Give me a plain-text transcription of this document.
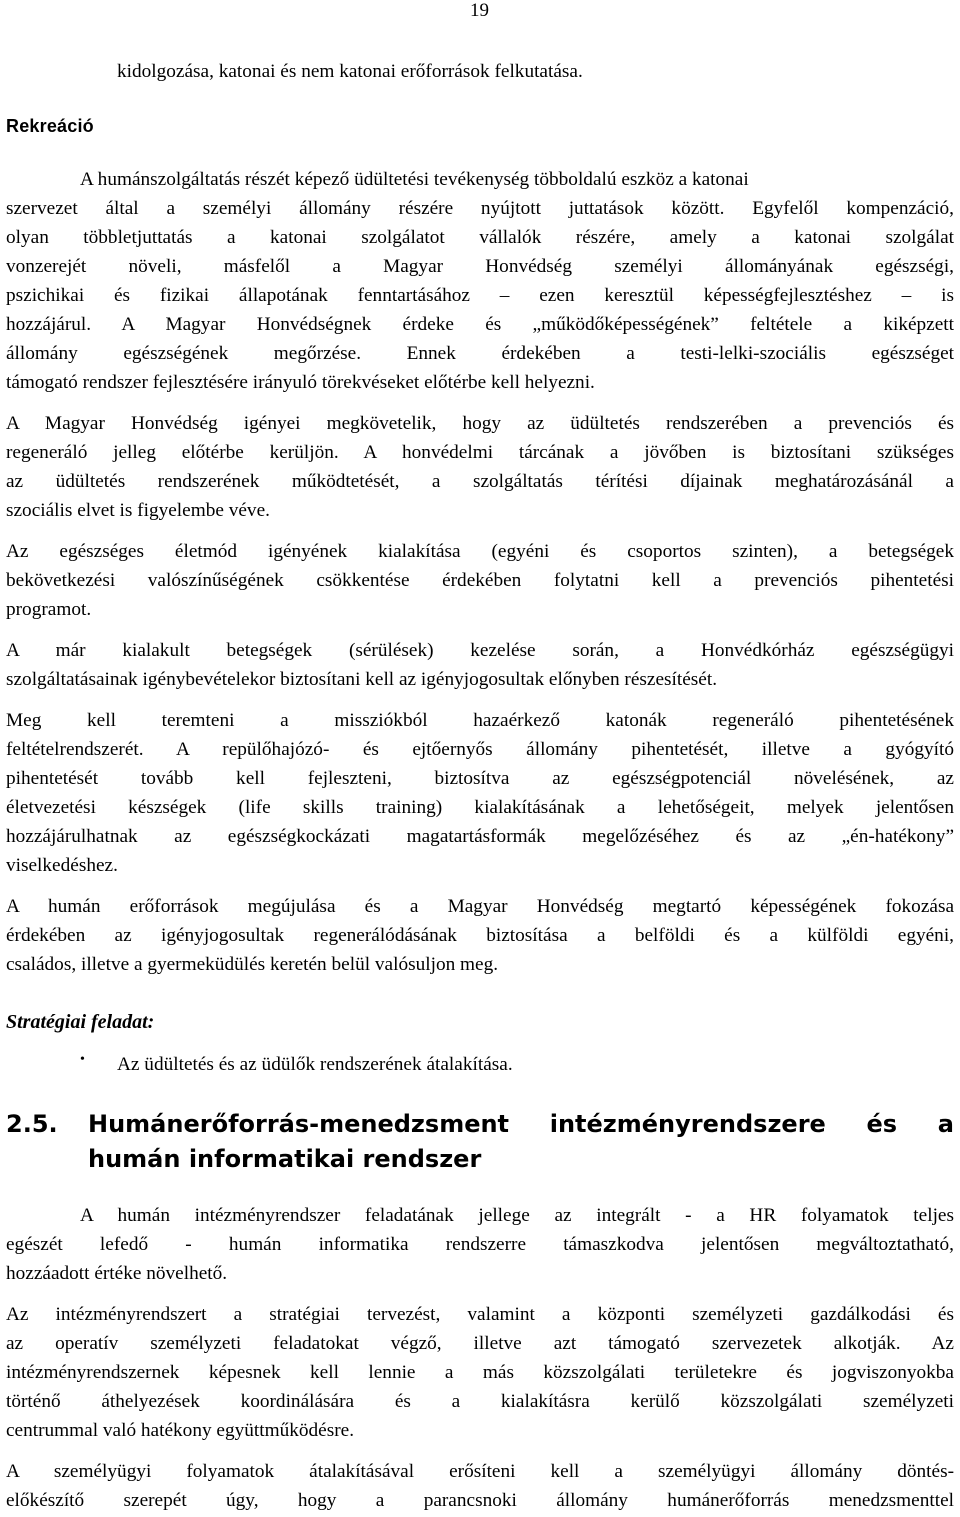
19
kidolgozása, katonai és nem katonai erőforrások felkutatása.
Rekreáció
A humánszolgáltatás részét képező üdültetési tevékenység többoldalú eszköz a katonai
szervezet által a személyi állomány részére nyújtott juttatások között. Egyfelől kompenzáció,
olyan többletjuttatás a katonai szolgálatot vállalók részére, amely a katonai szolgálat
vonzerejét növeli, másfelől a Magyar Honvédség személyi állományának egészségi,
pszichikai és fizikai állapotának fenntartásához – ezen keresztül képességfejlesztéshez – is
hozzájárul. A Magyar Honvédségnek érdeke és „működőképességének” feltétele a kiképzett
állomány egészségének megőrzése. Ennek érdekében a testi-lelki-szociális egészséget
támogató rendszer fejlesztésére irányuló törekvéseket előtérbe kell helyezni.
A Magyar Honvédség igényei megkövetelik, hogy az üdültetés rendszerében a prevenciós és
regeneráló jelleg előtérbe kerüljön. A honvédelmi tárcának a jövőben is biztosítani szükséges
az üdültetés rendszerének működtetését, a szolgáltatás térítési díjainak meghatározásánál a
szociális elvet is figyelembe véve.
Az egészséges életmód igényének kialakítása (egyéni és csoportos szinten), a betegségek
bekövetkezési valószínűségének csökkentése érdekében folytatni kell a prevenciós pihentetési
programot.
A már kialakult betegségek (sérülések) kezelése során, a Honvédkórház egészségügyi
szolgáltatásainak igénybevételekor biztosítani kell az igényjogosultak előnyben részesítését.
Meg kell teremteni a missziókból hazaérkező katonák regeneráló pihentetésének
feltételrendszerét. A repülőhajózó- és ejtőernyős állomány pihentetését, illetve a gyógyító
pihentetését tovább kell fejleszteni, biztosítva az egészségpotenciál növelésének, az
életvezetési készségek (life skills training) kialakításának a lehetőségeit, melyek jelentősen
hozzájárulhatnak az egészségkockázati magatartásformák megelőzéséhez és az „én-hatékony”
viselkedéshez.
A humán erőforrások megújulása és a Magyar Honvédség megtartó képességének fokozása
érdekében az igényjogosultak regenerálódásának biztosítása a belföldi és a külföldi egyéni,
családos, illetve a gyermeküdülés keretén belül valósuljon meg.
Stratégiai feladat:
• Az üdültetés és az üdülők rendszerének átalakítása.
2.5. Humánerőforrás-menedzsment intézményrendszere és a
humán informatikai rendszer
A humán intézményrendszer feladatának jellege az integrált - a HR folyamatok teljes
egészét lefedő - humán informatika rendszerre támaszkodva jelentősen megváltoztatható,
hozzáadott értéke növelhető.
Az intézményrendszert a stratégiai tervezést, valamint a központi személyzeti gazdálkodási és
az operatív személyzeti feladatokat végző, illetve azt támogató szervezetek alkotják. Az
intézményrendszernek képesnek kell lennie a más közszolgálati területekre és jogviszonyokba
történő áthelyezések koordinálására és a kialakításra kerülő közszolgálati személyzeti
centrummal való hatékony együttműködésre.
A személyügyi folyamatok átalakításával erősíteni kell a személyügyi állomány döntés-
előkészítő szerepét úgy, hogy a parancsnoki állomány humánerőforrás menedzsmenttel
